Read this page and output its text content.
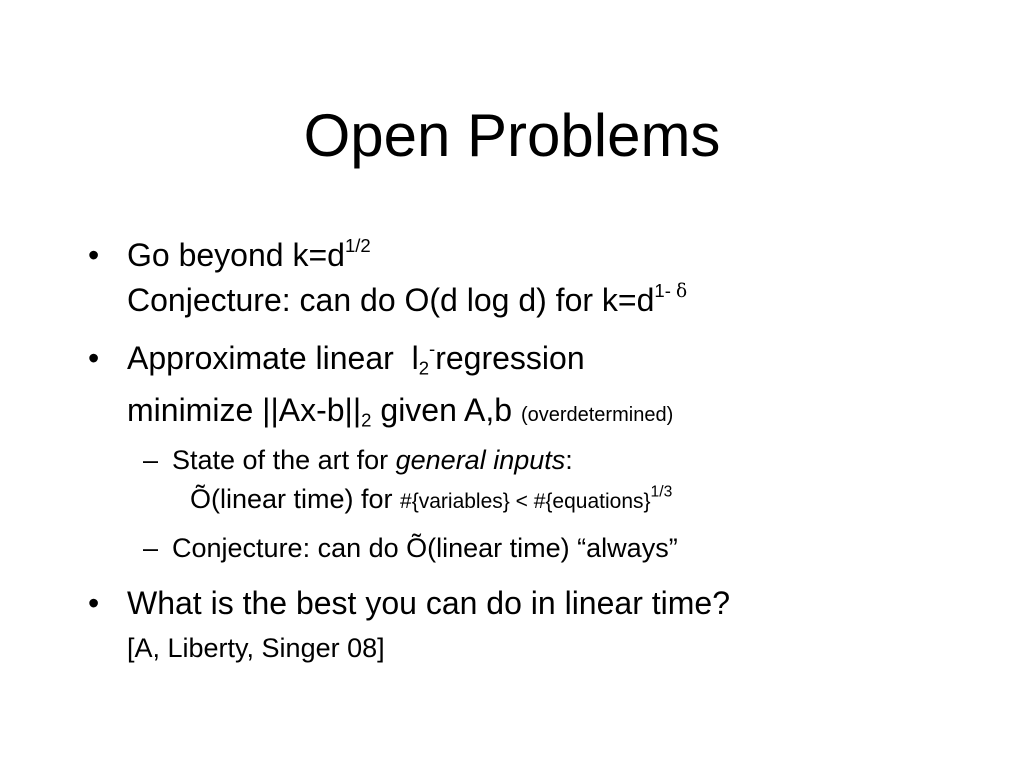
Open Problems
• Go beyond $k=d^{1/2}$
Conjecture: can do O(d log d) for $k=d^{1- \delta}$
• Approximate linear  $l_2^-regression$
minimize $||Ax-b||_2$ given A,b (overdetermined)
– State of the art for general inputs:
Õ(linear time) for #{variables} < #{equations}$^{1/3}$
– Conjecture: can do Õ(linear time) “always”
• What is the best you can do in linear time?
[A, Liberty, Singer 08]
